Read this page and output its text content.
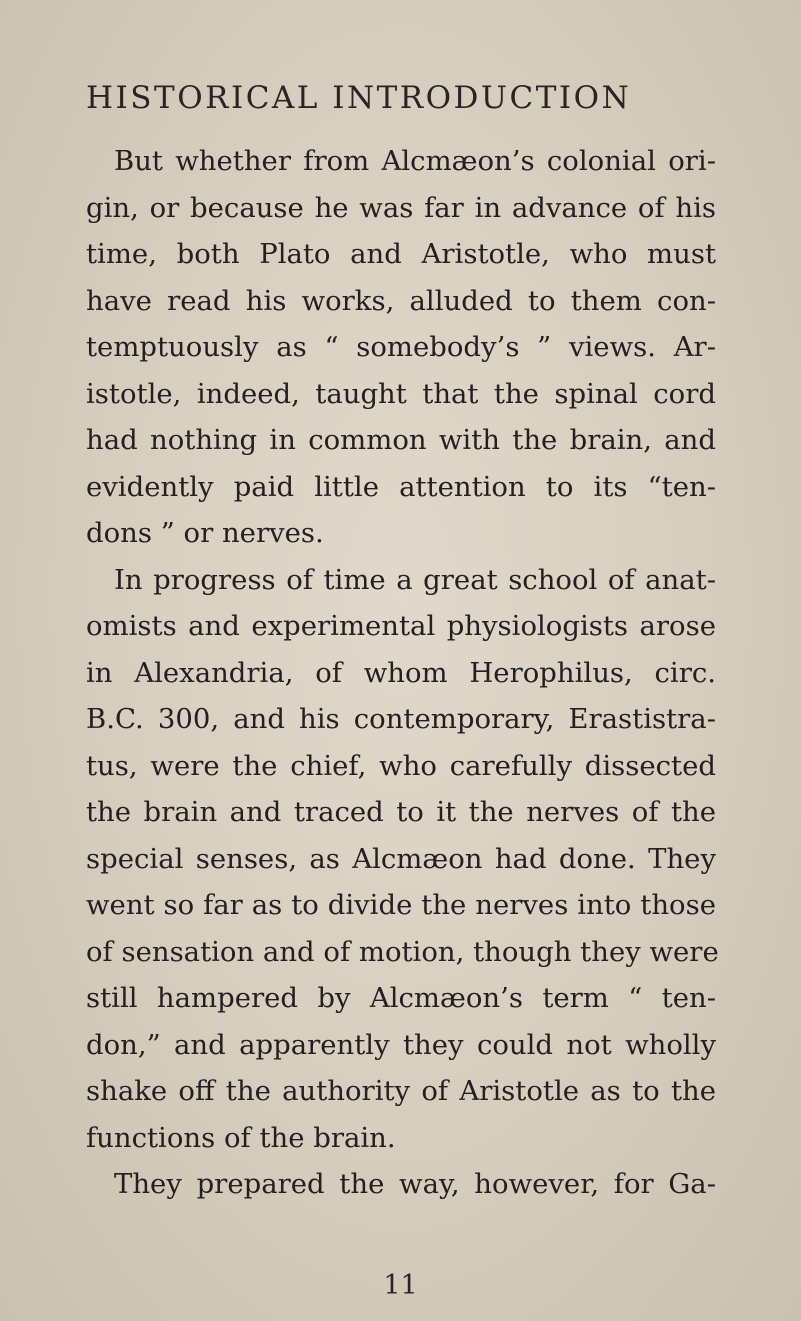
HISTORICAL INTRODUCTION
But whether from Alcmæon’s colonial ori-
gin, or because he was far in advance of his
time, both Plato and Aristotle, who must
have read his works, alluded to them con-
temptuously as “ somebody’s ” views. Ar-
istotle, indeed, taught that the spinal cord
had nothing in common with the brain, and
evidently paid little attention to its “ten-
dons ” or nerves.
In progress of time a great school of anat-
omists and experimental physiologists arose
in Alexandria, of whom Herophilus, circ.
B.C. 300, and his contemporary, Erastistra-
tus, were the chief, who carefully dissected
the brain and traced to it the nerves of the
special senses, as Alcmæon had done. They
went so far as to divide the nerves into those
of sensation and of motion, though they were
still hampered by Alcmæon’s term “ ten-
don,” and apparently they could not wholly
shake off the authority of Aristotle as to the
functions of the brain.
They prepared the way, however, for Ga-
11
